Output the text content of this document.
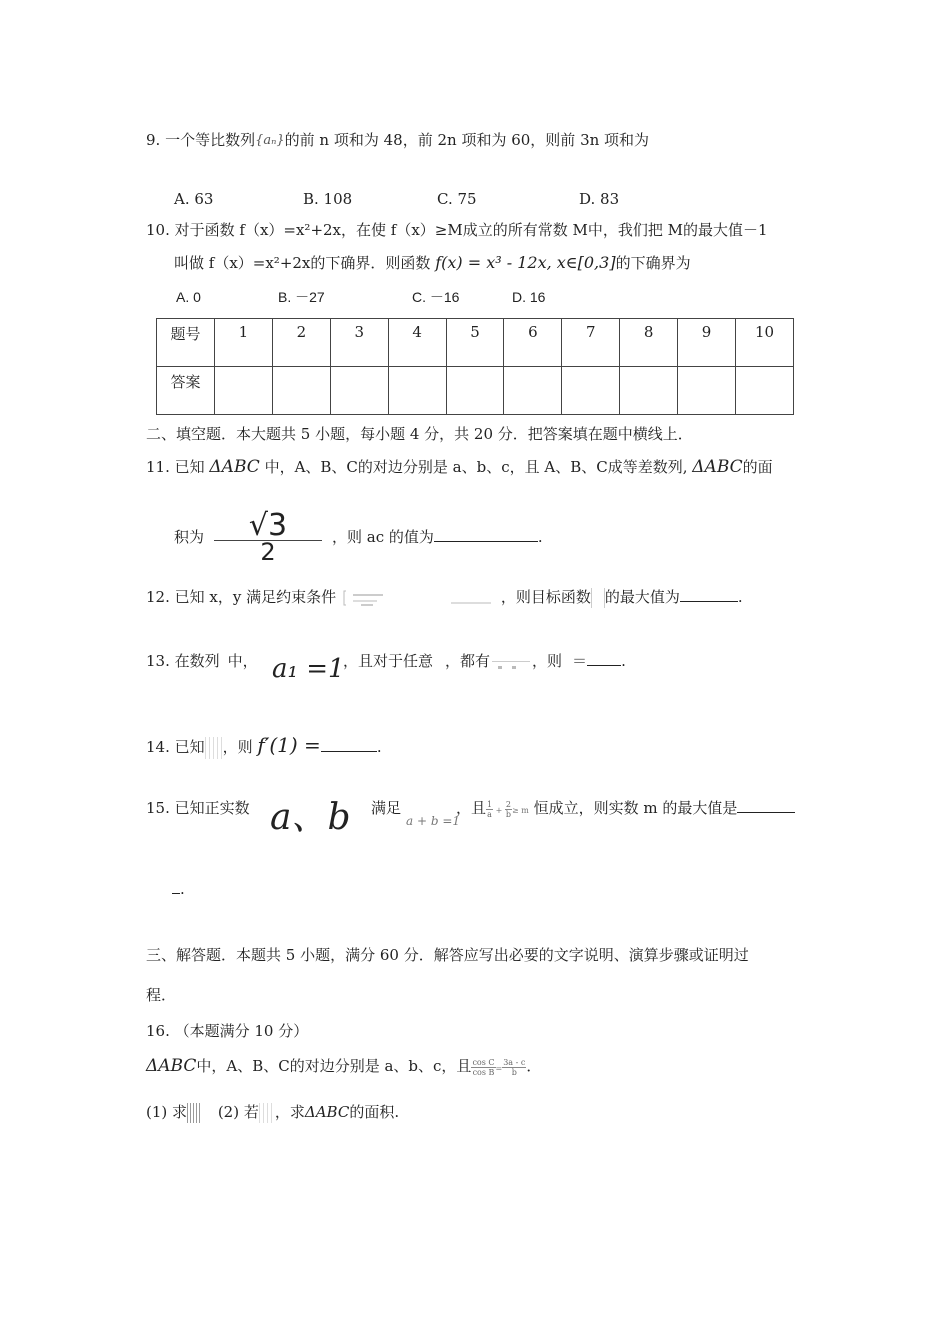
9. 一个等比数列{aₙ}的前 n 项和为 48，前 2n 项和为 60，则前 3n 项和为
A. 63	B. 108	C. 75	D. 83
10. 对于函数 f（x）=x²+2x，在使 f（x）≥M成立的所有常数 M中，我们把 M的最大值－1
叫做 f（x）=x²+2x的下确界．则函数 f(x) = x³ - 12x, x∈[0,3]的下确界为
A. 0	B. －27	C. －16	D. 16
题号	1	2	3	4	5	6	7	8	9	10
答案										
二、填空题．本大题共 5 小题，每小题 4 分，共 20 分．把答案填在题中横线上．
11. 已知 ΔABC 中，A、B、C的对边分别是 a、b、c，且 A、B、C成等差数列, ΔABC的面
积为	√3
2
，则 ac 的值为	.
12. 已知 x，y 满足约束条件	，则目标函数 的最大值为	.
13. 在数列 中， a₁ =1
，且对于任意 ，都有	，则 ＝ .
14. 已知 ，则 f′(1) =	.
15. 已知正实数 a、b 满足
a + b =1
，且 $\frac{1}{a} + \frac{2}{b} \ge m$ 恒成立，则实数 m 的最大值是
.
三、解答题．本题共 5 小题，满分 60 分．解答应写出必要的文字说明、演算步骤或证明过
程．
16. （本题满分 10 分）
ΔABC中，A、B、C的对边分别是 a、b、c，且 $\frac{\text{cos C}}{\text{cos B}} = \frac{3a - c}{b}$ ．
(1) 求 (2) 若 ，求ΔABC的面积.
